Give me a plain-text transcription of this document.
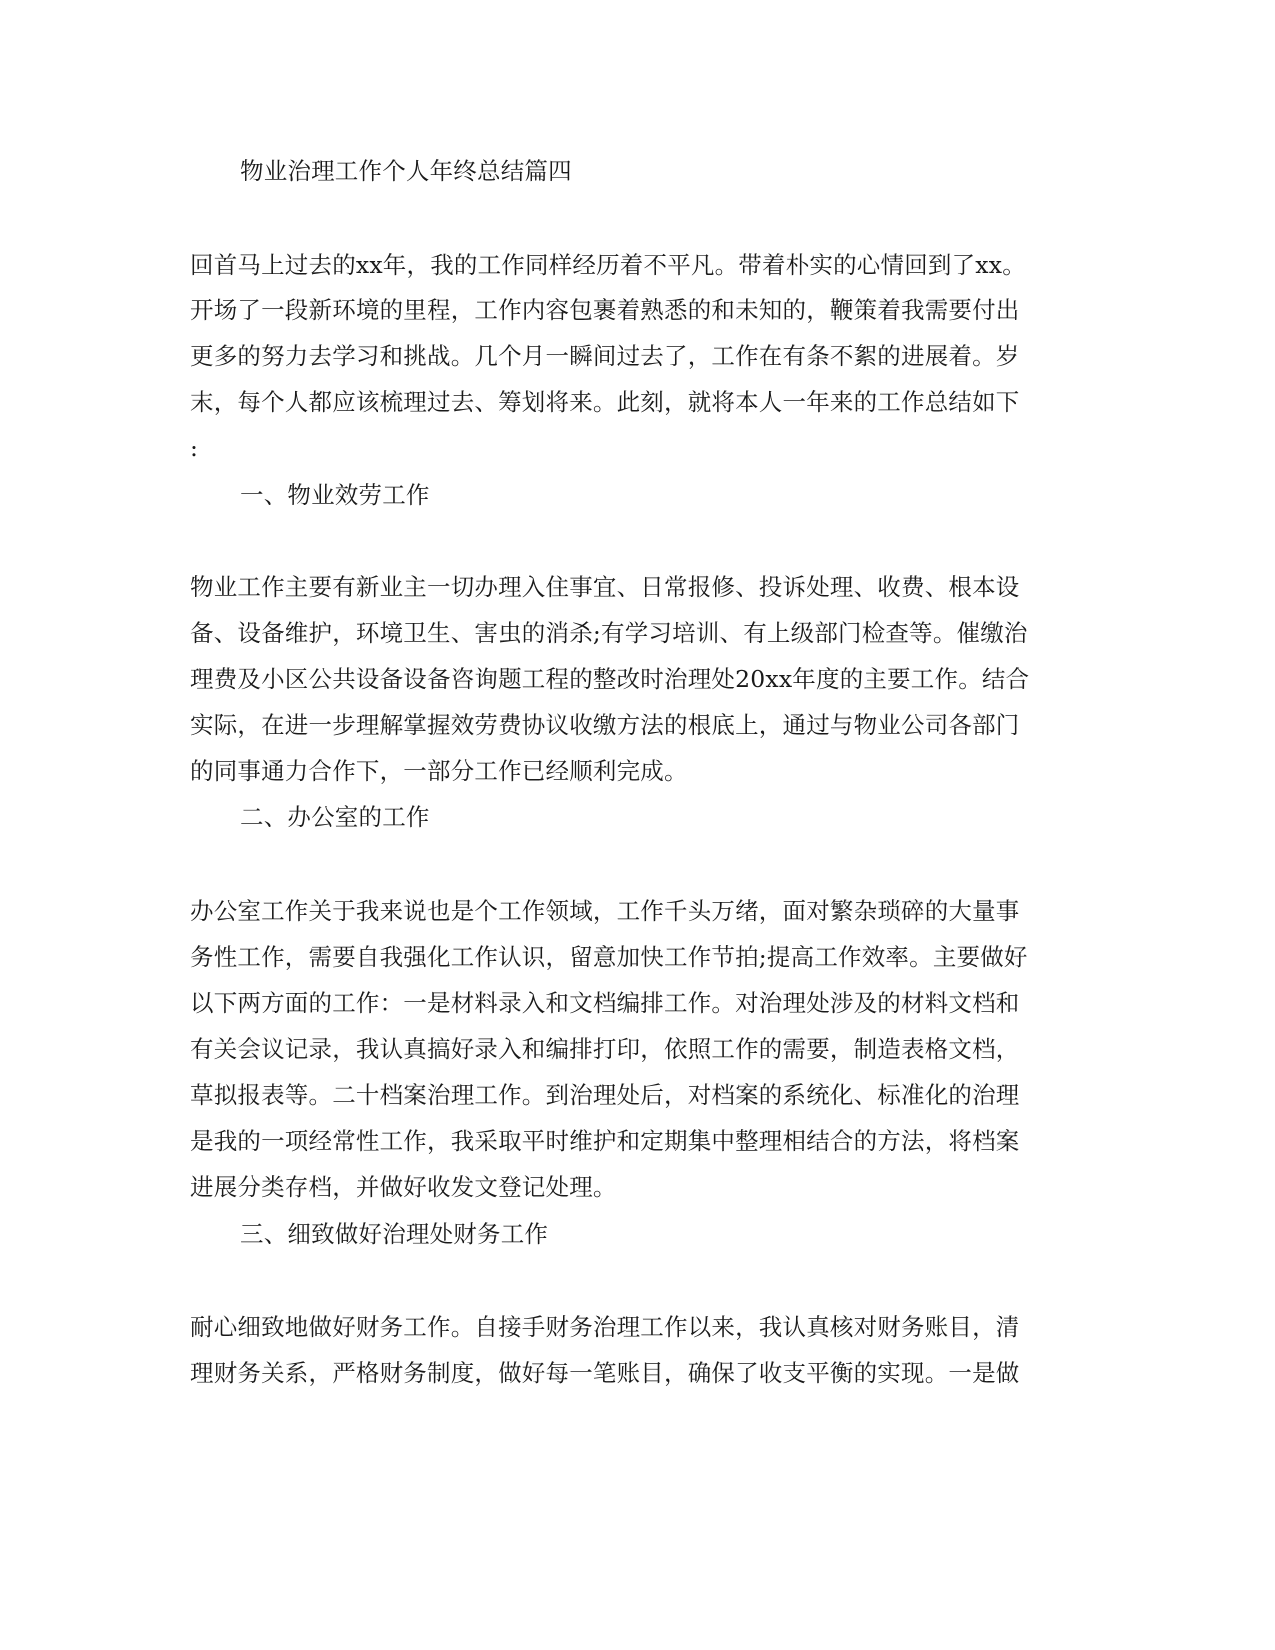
物业治理工作个人年终总结篇四
回首马上过去的xx年，我的工作同样经历着不平凡。带着朴实的心情回到了xx。
开场了一段新环境的里程，工作内容包裹着熟悉的和未知的，鞭策着我需要付出
更多的努力去学习和挑战。几个月一瞬间过去了，工作在有条不絮的进展着。岁
末，每个人都应该梳理过去、筹划将来。此刻，就将本人一年来的工作总结如下
:
一、物业效劳工作
物业工作主要有新业主一切办理入住事宜、日常报修、投诉处理、收费、根本设
备、设备维护，环境卫生、害虫的消杀;有学习培训、有上级部门检查等。催缴治
理费及小区公共设备设备咨询题工程的整改时治理处20xx年度的主要工作。结合
实际，在进一步理解掌握效劳费协议收缴方法的根底上，通过与物业公司各部门
的同事通力合作下，一部分工作已经顺利完成。
二、办公室的工作
办公室工作关于我来说也是个工作领域，工作千头万绪，面对繁杂琐碎的大量事
务性工作，需要自我强化工作认识，留意加快工作节拍;提高工作效率。主要做好
以下两方面的工作：一是材料录入和文档编排工作。对治理处涉及的材料文档和
有关会议记录，我认真搞好录入和编排打印，依照工作的需要，制造表格文档，
草拟报表等。二十档案治理工作。到治理处后，对档案的系统化、标准化的治理
是我的一项经常性工作，我采取平时维护和定期集中整理相结合的方法，将档案
进展分类存档，并做好收发文登记处理。
三、细致做好治理处财务工作
耐心细致地做好财务工作。自接手财务治理工作以来，我认真核对财务账目，清
理财务关系，严格财务制度，做好每一笔账目，确保了收支平衡的实现。一是做
